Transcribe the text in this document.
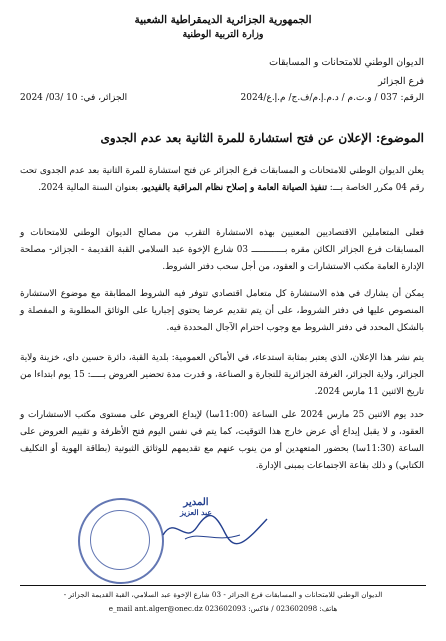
الجمهورية الجزائرية الديمقراطية الشعبية
وزارة التربية الوطنية
الديوان الوطني للامتحانات و المسابقات
فرع الجزائر
الرقم: 037 / و.ت.م / د.م.إ.م/ف.ج/ م.إ.ع/2024
الجزائر، في: 10 /03/ 2024
الموضوع: الإعلان عن فتح استشارة للمرة الثانية بعد عدم الجدوى
يعلن الديوان الوطني للامتحانات و المسابقات فرع الجزائر عن فتح استشارة للمرة الثانية بعد عدم الجدوى تحت رقم 04 مكرر الخاصة بـــ: تنفيذ الصيانة العامة و إصلاح نظام المراقبة بالفيديو، بعنوان السنة المالية 2024.
فعلى المتعاملين الاقتصاديين المعنيين بهذه الاستشارة التقرب من مصالح الديوان الوطني للامتحانات و المسابقات فرع الجزائر الكائن مقره بـــــــــــــ 03 شارع الإخوة عبد السلامي القبة القديمة - الجزائر- مصلحة الإدارة العامة مكتب الاستشارات و العقود، من أجل سحب دفتر الشروط.
يمكن أن يشارك في هذه الاستشارة كل متعامل اقتصادي تتوفر فيه الشروط المطابقة مع موضوع الاستشارة المنصوص عليها في دفتر الشروط، على أن يتم تقديم عرضا يحتوي إجباريا على الوثائق المطلوبة و المفصلة و بالشكل المحدد في دفتر الشروط مع وجوب احترام الآجال المحددة فيه.
يتم نشر هذا الإعلان، الذي يعتبر بمثابة استدعاء، في الأماكن العمومية: بلدية القبة، دائرة حسين داي، خزينة ولاية الجزائر، ولاية الجزائر، الغرفة الجزائرية للتجارة و الصناعة، و قدرت مدة تحضير العروض بـــــ: 15 يوم ابتداءا من تاريخ الاثنين 11 مارس 2024.
حدد يوم الاثنين 25 مارس 2024 على الساعة (11:00سا) لإيداع العروض على مستوى مكتب الاستشارات و العقود، و لا يقبل إيداع أي عرض خارج هذا التوقيت، كما يتم في نفس اليوم فتح الأظرفة و تقييم العروض على الساعة (11:30سا) بحضور المتعهدين أو من ينوب عنهم مع تقديمهم للوثائق الثبوتية (بطاقة الهوية أو التكليف الكتابي) و ذلك بقاعة الاجتماعات بمبنى الإدارة.
المدير
عبد العزيز
الديوان الوطني للامتحانات و المسابقات فرع الجزائر - 03 شارع الإخوة عبد السلامي، القبة القديمة الجزائر -
هاتف: 023602098 / فاكس: 023602093 e_mail ant.alger@onec.dz
